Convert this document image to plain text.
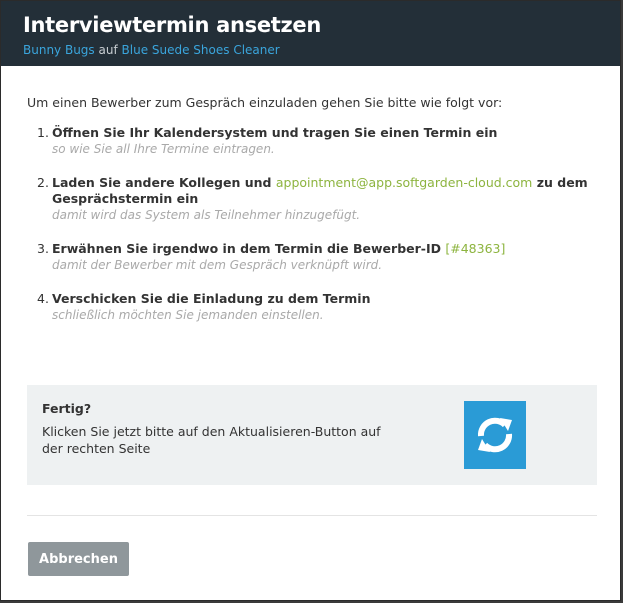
Interviewtermin ansetzen
Bunny Bugs auf Blue Suede Shoes Cleaner

Um einen Bewerber zum Gespräch einzuladen gehen Sie bitte wie folgt vor:

1. Öffnen Sie Ihr Kalendersystem und tragen Sie einen Termin ein
so wie Sie all Ihre Termine eintragen.
2. Laden Sie andere Kollegen und appointment@app.softgarden-cloud.com zu dem Gesprächstermin ein
damit wird das System als Teilnehmer hinzugefügt.
3. Erwähnen Sie irgendwo in dem Termin die Bewerber-ID [#48363]
damit der Bewerber mit dem Gespräch verknüpft wird.
4. Verschicken Sie die Einladung zu dem Termin
schließlich möchten Sie jemanden einstellen.
Fertig?
Klicken Sie jetzt bitte auf den Aktualisieren-Button auf der rechten Seite
Abbrechen
